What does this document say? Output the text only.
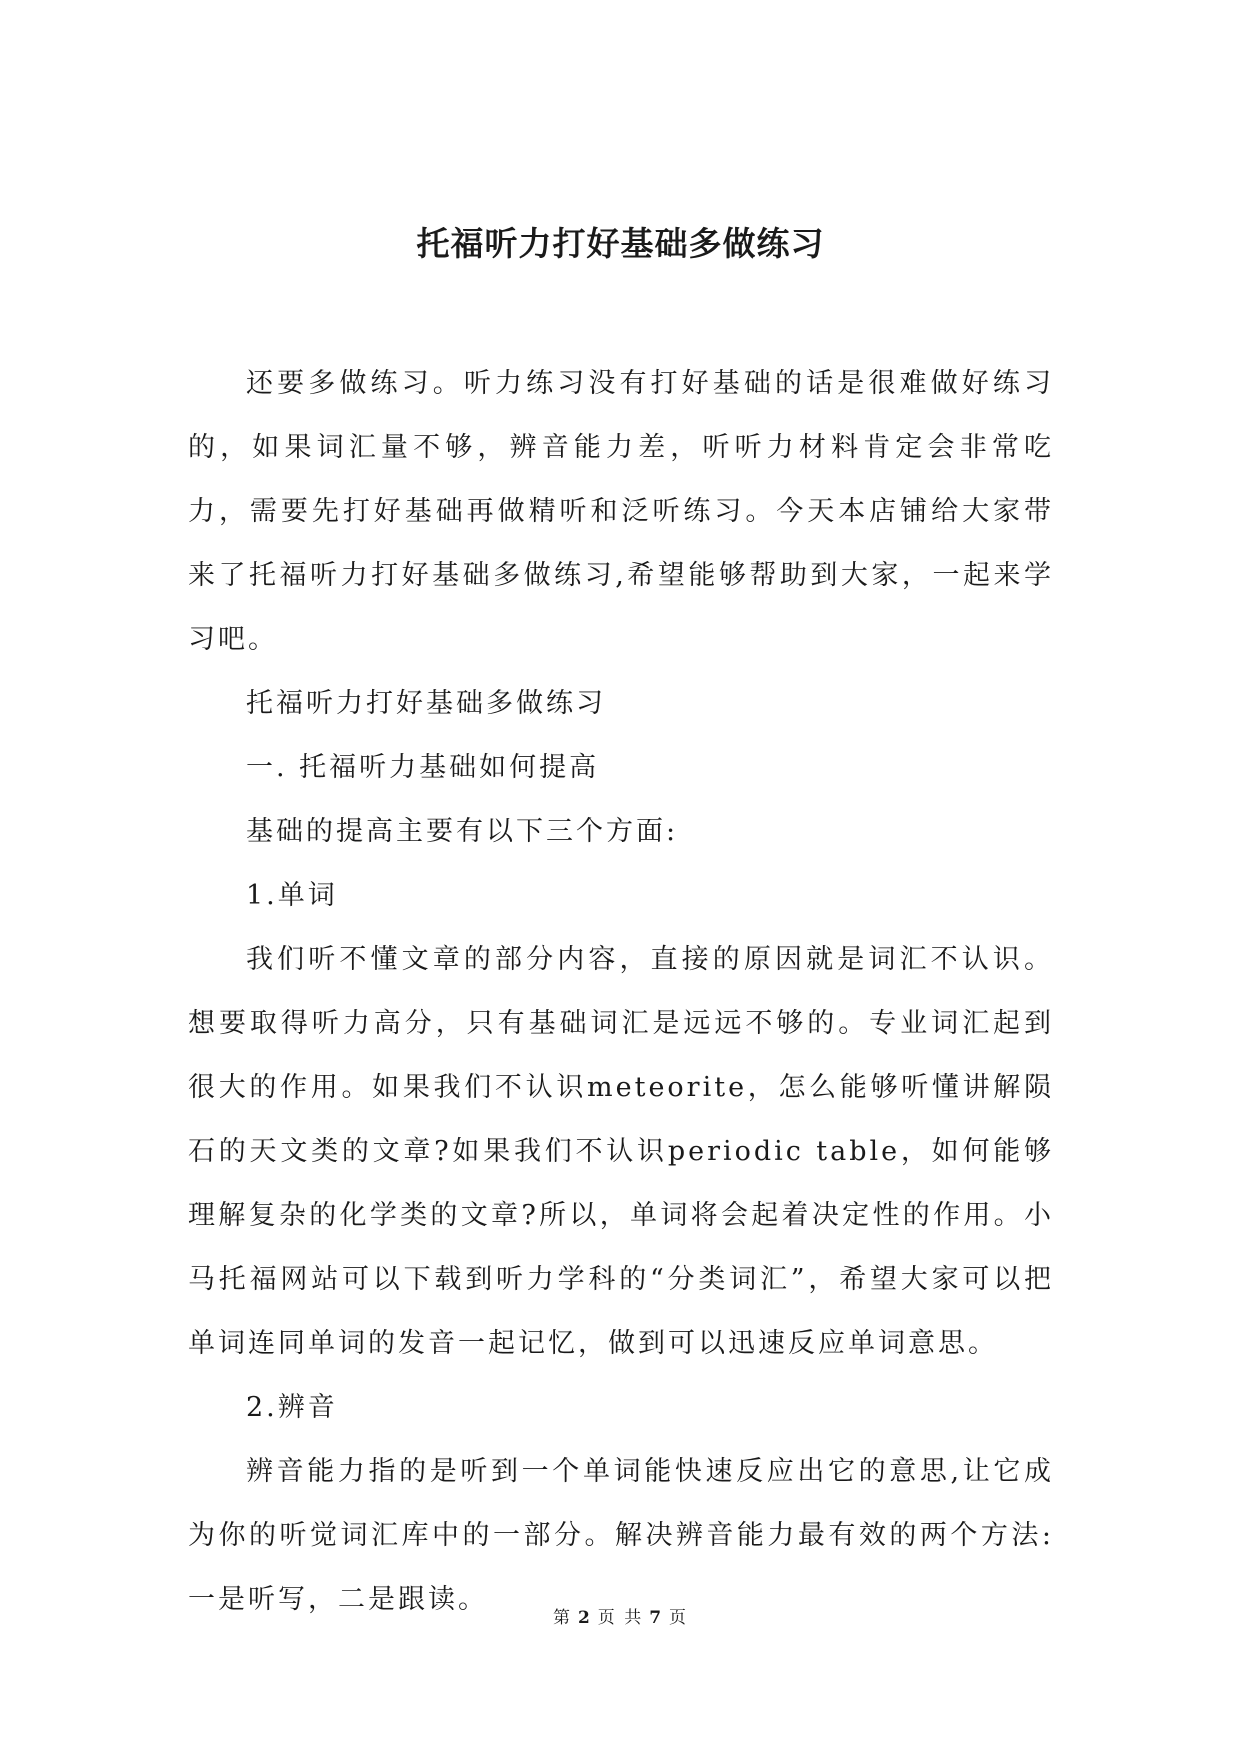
托福听力打好基础多做练习

还要多做练习。听力练习没有打好基础的话是很难做好练习的，如果词汇量不够，辨音能力差，听听力材料肯定会非常吃力，需要先打好基础再做精听和泛听练习。今天本店铺给大家带来了托福听力打好基础多做练习,希望能够帮助到大家，一起来学习吧。

托福听力打好基础多做练习

一. 托福听力基础如何提高

基础的提高主要有以下三个方面:

1.单词

我们听不懂文章的部分内容，直接的原因就是词汇不认识。想要取得听力高分，只有基础词汇是远远不够的。专业词汇起到很大的作用。如果我们不认识meteorite，怎么能够听懂讲解陨石的天文类的文章?如果我们不认识periodic table，如何能够理解复杂的化学类的文章?所以，单词将会起着决定性的作用。小马托福网站可以下载到听力学科的“分类词汇”，希望大家可以把单词连同单词的发音一起记忆，做到可以迅速反应单词意思。

2.辨音

辨音能力指的是听到一个单词能快速反应出它的意思,让它成为你的听觉词汇库中的一部分。解决辨音能力最有效的两个方法:一是听写，二是跟读。

第 2 页 共 7 页
